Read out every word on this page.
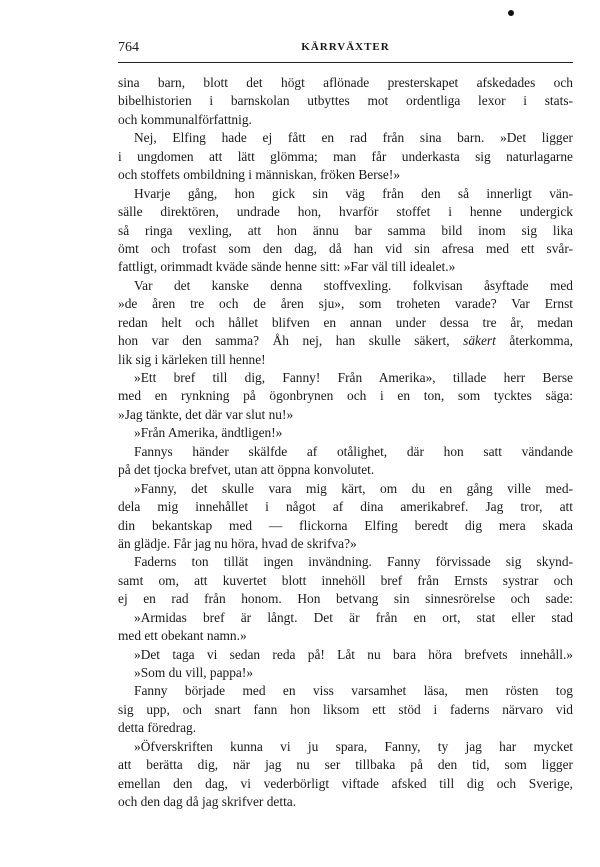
764	KÄRRVÄXTER
sina barn, blott det högt aflönade presterskapet afskedades och
bibelhistorien i barnskolan utbyttes mot ordentliga lexor i stats-
och kommunalförfattnig.
Nej, Elfing hade ej fått en rad från sina barn. »Det ligger
i ungdomen att lätt glömma; man får underkasta sig naturlagarne
och stoffets ombildning i människan, fröken Berse!»
Hvarje gång, hon gick sin väg från den så innerligt vän-
sälle direktören, undrade hon, hvarför stoffet i henne undergick
så ringa vexling, att hon ännu bar samma bild inom sig lika
ömt och trofast som den dag, då han vid sin afresa med ett svår-
fattligt, orimmadt kväde sände henne sitt: »Far väl till idealet.»
Var det kanske denna stoffvexling. folkvisan åsyftade med
»de åren tre och de åren sju», som troheten varade? Var Ernst
redan helt och hållet blifven en annan under dessa tre år, medan
hon var den samma? Åh nej, han skulle säkert, säkert återkomma,
lik sig i kärleken till henne!
»Ett bref till dig, Fanny! Från Amerika», tillade herr Berse
med en rynkning på ögonbrynen och i en ton, som tycktes säga:
»Jag tänkte, det där var slut nu!»
»Från Amerika, ändtligen!»
Fannys händer skälfde af otålighet, där hon satt vändande
på det tjocka brefvet, utan att öppna konvolutet.
»Fanny, det skulle vara mig kärt, om du en gång ville med-
dela mig innehållet i något af dina amerikabref. Jag tror, att
din bekantskap med — flickorna Elfing beredt dig mera skada
än glädje. Får jag nu höra, hvad de skrifva?»
Faderns ton tillät ingen invändning. Fanny förvissade sig skynd-
samt om, att kuvertet blott innehöll bref från Ernsts systrar och
ej en rad från honom. Hon betvang sin sinnesrörelse och sade:
»Armidas bref är långt. Det är från en ort, stat eller stad
med ett obekant namn.»
»Det taga vi sedan reda på! Låt nu bara höra brefvets innehåll.»
»Som du vill, pappa!»
Fanny började med en viss varsamhet läsa, men rösten tog
sig upp, och snart fann hon liksom ett stöd i faderns närvaro vid
detta föredrag.
»Öfverskriften kunna vi ju spara, Fanny, ty jag har mycket
att berätta dig, när jag nu ser tillbaka på den tid, som ligger
emellan den dag, vi vederbörligt viftade afsked till dig och Sverige,
och den dag då jag skrifver detta.
